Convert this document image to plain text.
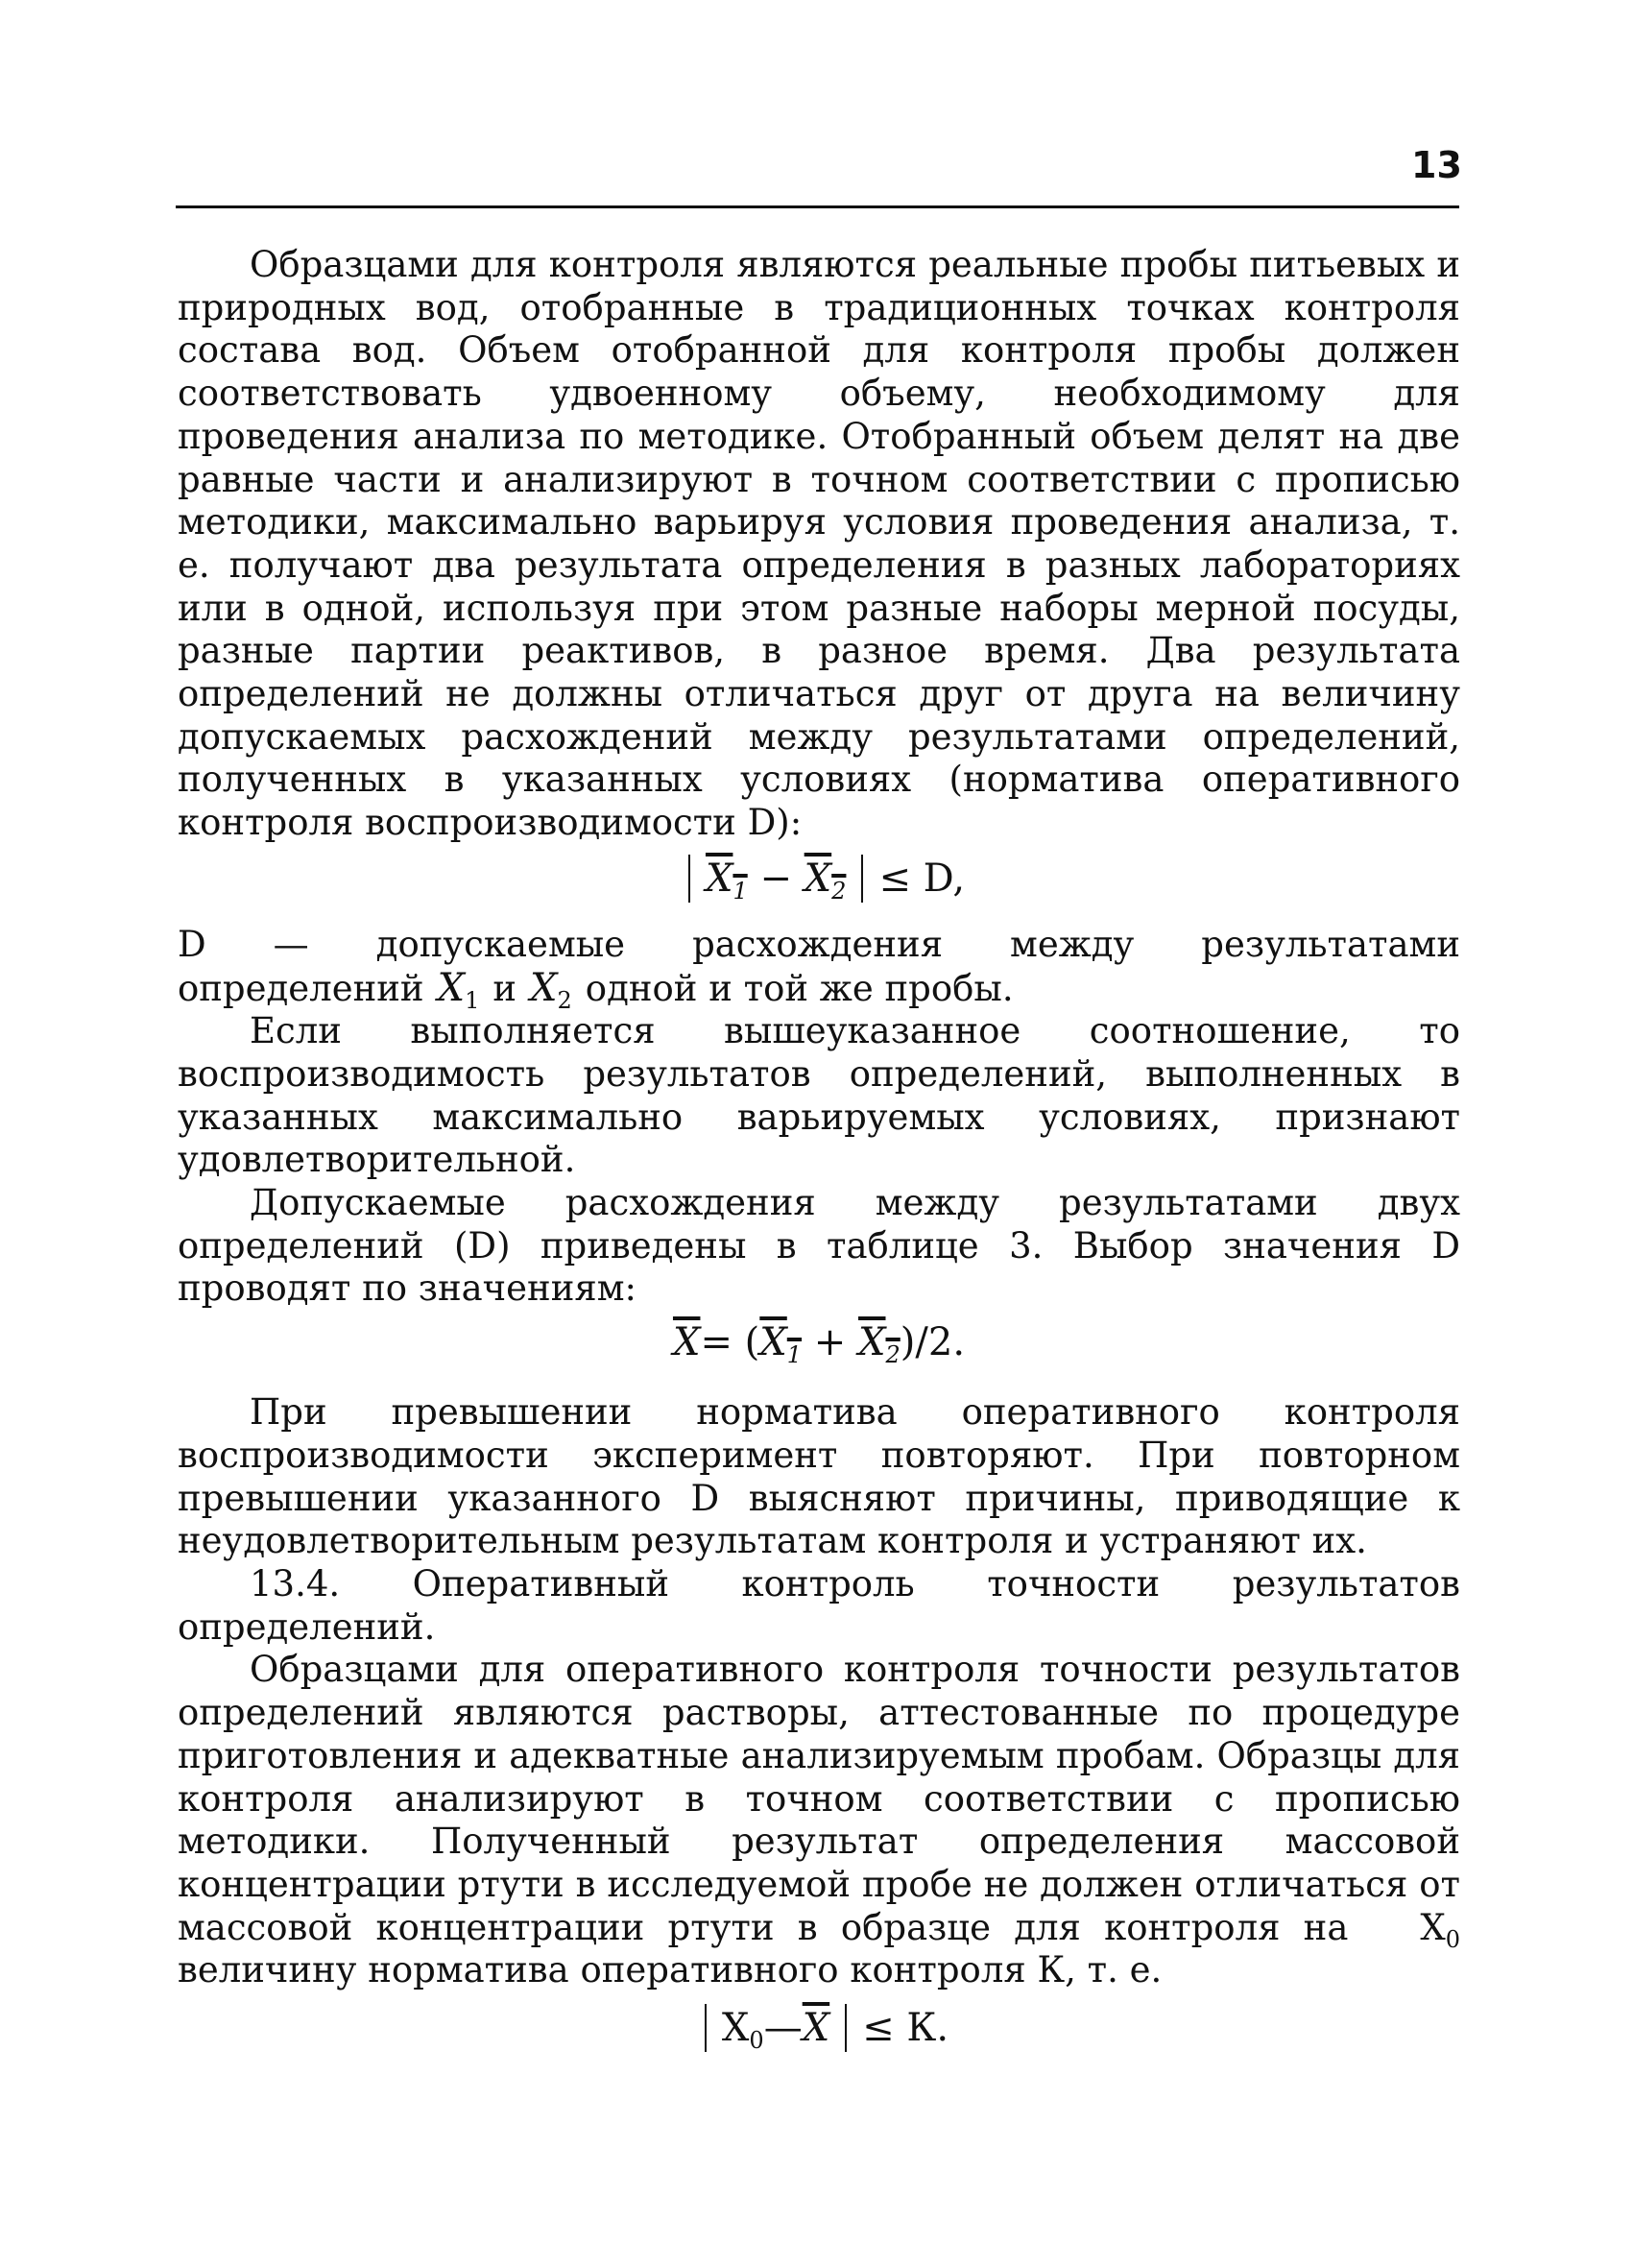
13

Образцами для контроля являются реальные пробы питьевых и природных вод, отобранные в традиционных точках контроля состава вод. Объем отобранной для контроля пробы должен соответствовать удвоенному объему, необходимому для проведения анализа по методике. Отобранный объем делят на две равные части и анализируют в точном соответствии с прописью методики, максимально варьируя условия проведения анализа, т. е. получают два результата определения в разных лабораториях или в одной, используя при этом разные наборы мерной посуды, разные партии реактивов, в разное время. Два результата определений не должны отличаться друг от друга на величину допускаемых расхождений между результатами определений, полученных в указанных условиях (норматива оперативного контроля воспроизводимости D):

$X_1 - X_2 \le D$,

D — допускаемые расхождения между результатами определений $X_1$ и $X_2$ одной и той же пробы.

Если выполняется вышеуказанное соотношение, то воспроизводимость результатов определений, выполненных в указанных максимально варьируемых условиях, признают удовлетворительной.

Допускаемые расхождения между результатами двух определений (D) приведены в таблице 3. Выбор значения D проводят по значениям:

$\overline{X}= (X_1 + X_2)/2$.

При превышении норматива оперативного контроля воспроизводимости эксперимент повторяют. При повторном превышении указанного D выясняют причины, приводящие к неудовлетворительным результатам контроля и устраняют их.

13.4. Оперативный контроль точности результатов определений.

Образцами для оперативного контроля точности результатов определений являются растворы, аттестованные по процедуре приготовления и адекватные анализируемым пробам. Образцы для контроля анализируют в точном соответствии с прописью методики. Полученный результат определения массовой концентрации ртути в исследуемой пробе не должен отличаться от массовой концентрации ртути в образце для контроля	$X_0$
на величину норматива оперативного контроля К, т. е.

$X_0—\overline{X} \le К$.
